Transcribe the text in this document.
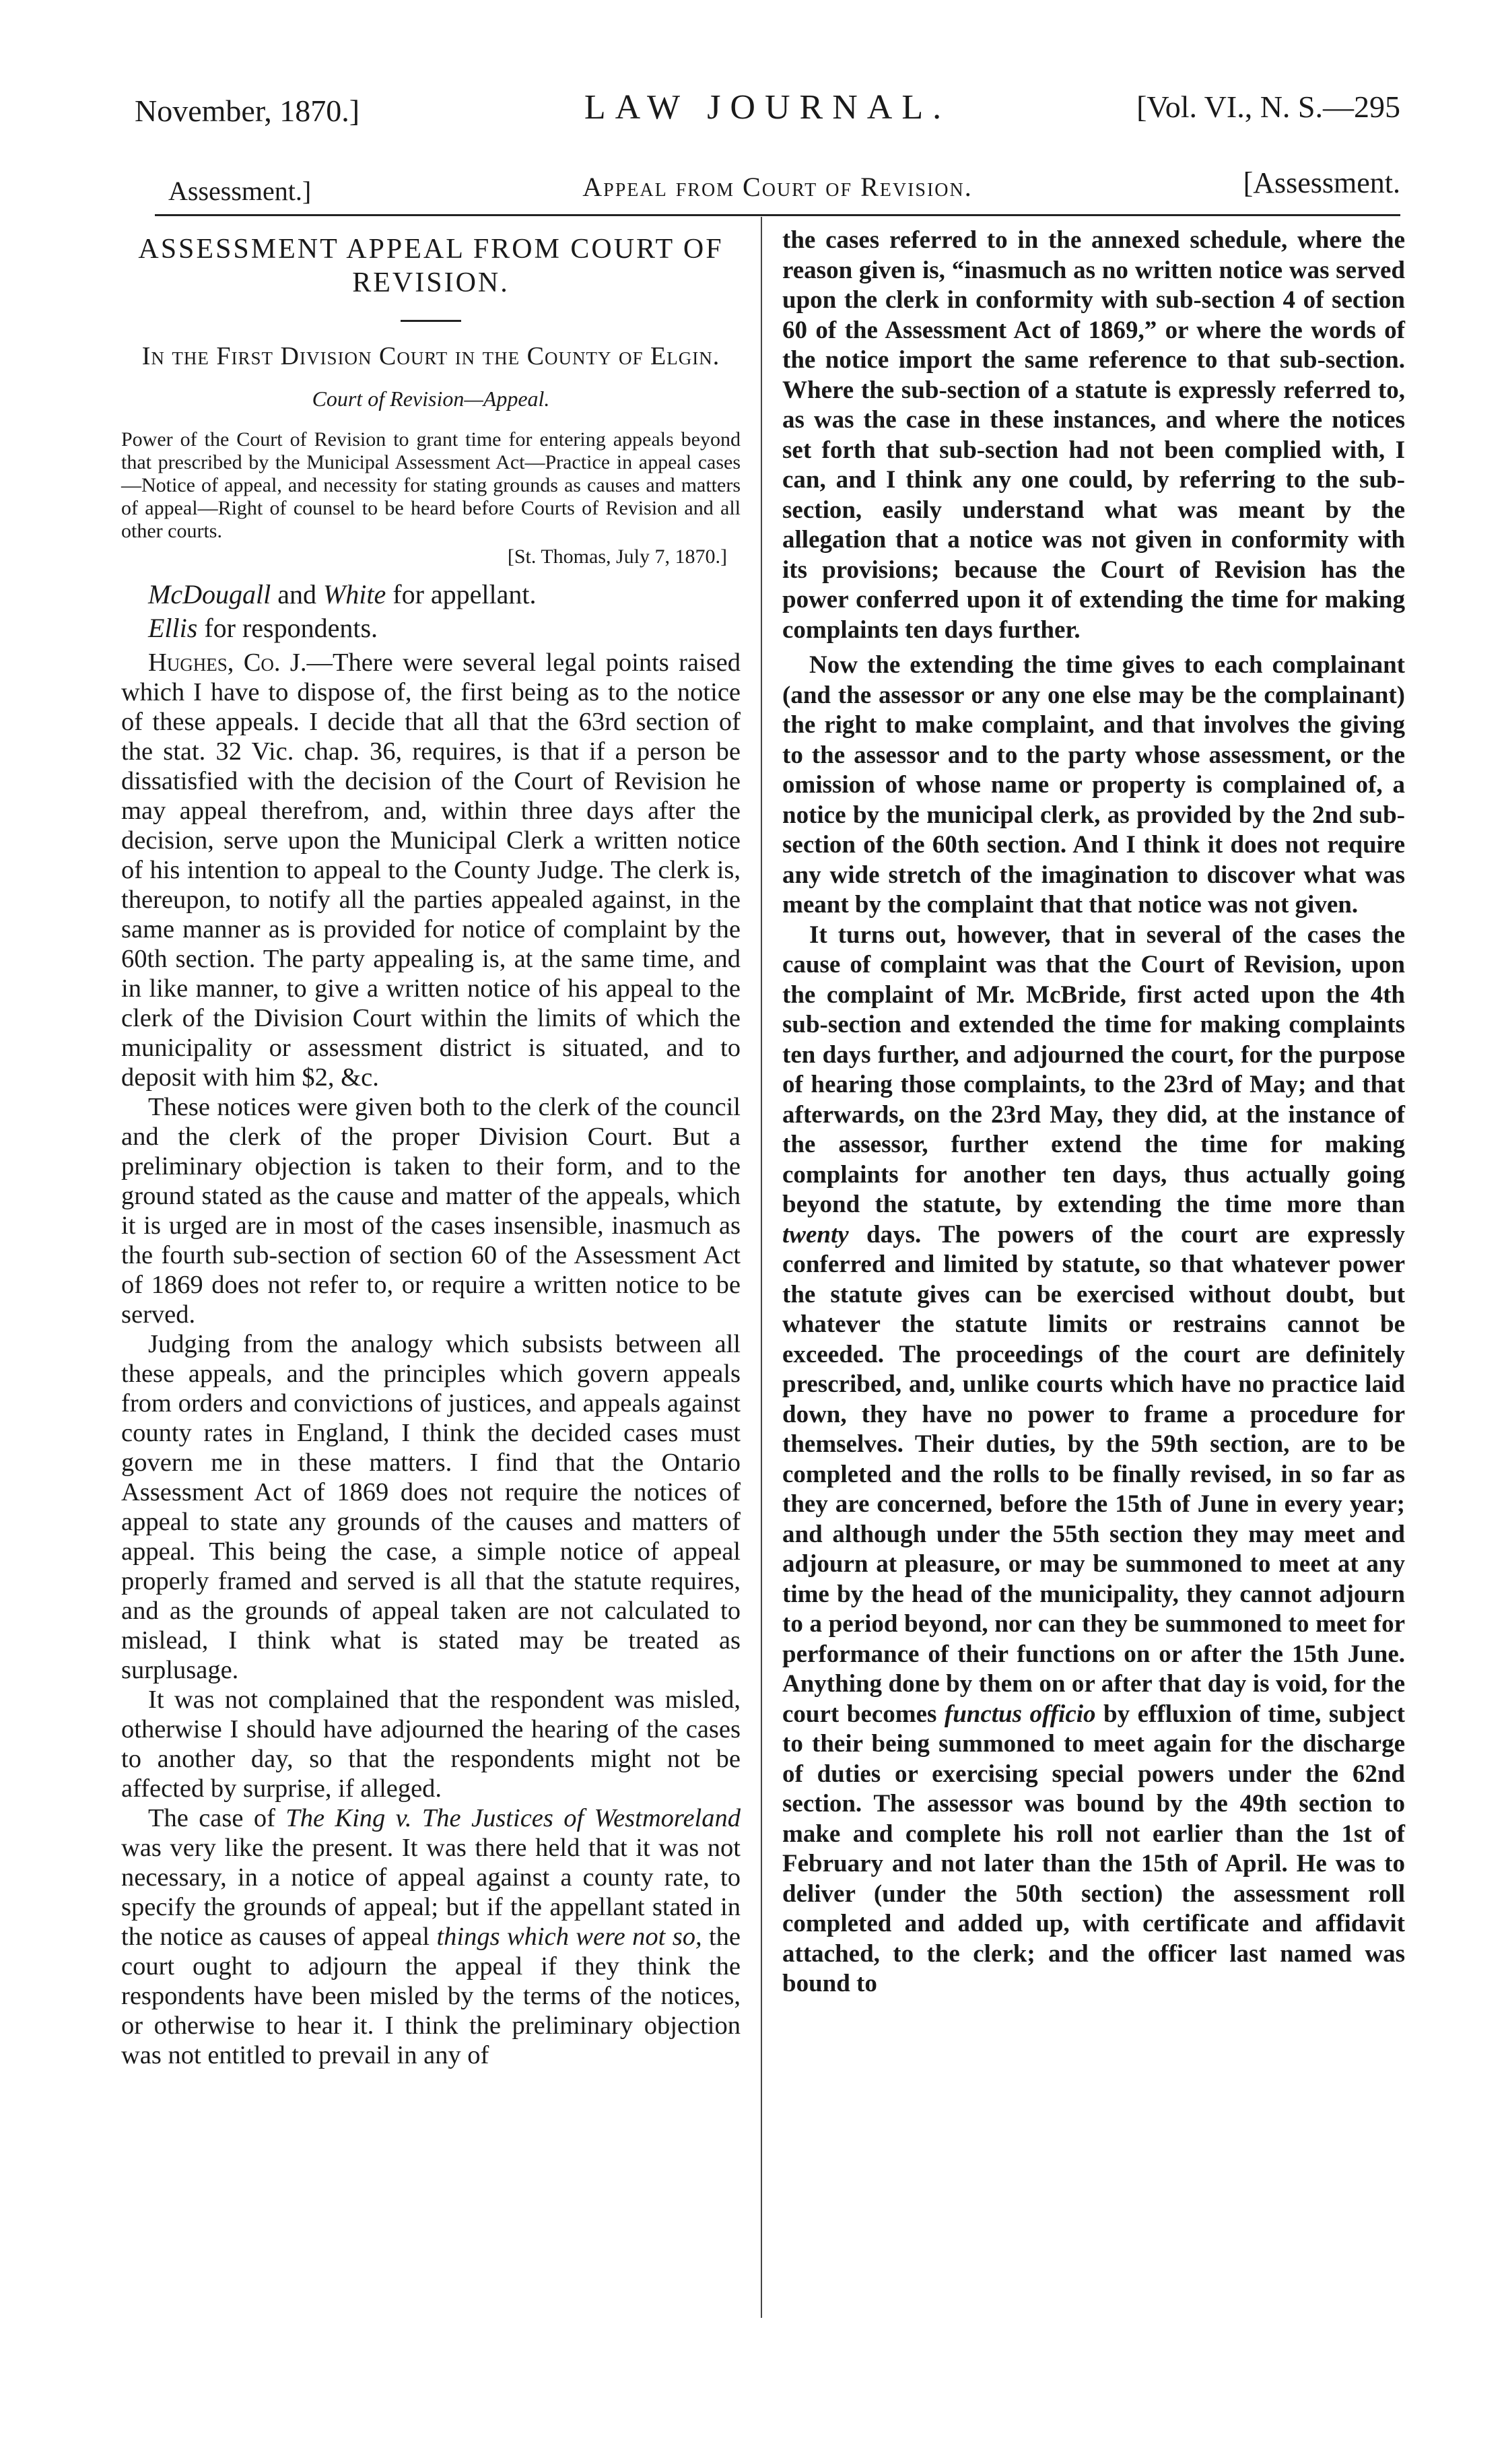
November, 1870.]	LAW JOURNAL.	[Vol. VI., N. S.—295
Assessment.]	Appeal from Court of Revision.	[Assessment.

ASSESSMENT APPEAL FROM COURT OF REVISION.

In the First Division Court in the County of Elgin.

Court of Revision—Appeal.

Power of the Court of Revision to grant time for entering appeals beyond that prescribed by the Municipal Assessment Act—Practice in appeal cases—Notice of appeal, and necessity for stating grounds as causes and matters of appeal—Right of counsel to be heard before Courts of Revision and all other courts.

[St. Thomas, July 7, 1870.]

McDougall and White for appellant.

Ellis for respondents.

Hughes, Co. J.—There were several legal points raised which I have to dispose of, the first being as to the notice of these appeals. I decide that all that the 63rd section of the stat. 32 Vic. chap. 36, requires, is that if a person be dissatisfied with the decision of the Court of Revision he may appeal therefrom, and, within three days after the decision, serve upon the Municipal Clerk a written notice of his intention to appeal to the County Judge. The clerk is, thereupon, to notify all the parties appealed against, in the same manner as is provided for notice of complaint by the 60th section. The party appealing is, at the same time, and in like manner, to give a written notice of his appeal to the clerk of the Division Court within the limits of which the municipality or assessment district is situated, and to deposit with him $2, &c.

These notices were given both to the clerk of the council and the clerk of the proper Division Court. But a preliminary objection is taken to their form, and to the ground stated as the cause and matter of the appeals, which it is urged are in most of the cases insensible, inasmuch as the fourth sub-section of section 60 of the Assessment Act of 1869 does not refer to, or require a written notice to be served.

Judging from the analogy which subsists between all these appeals, and the principles which govern appeals from orders and convictions of justices, and appeals against county rates in England, I think the decided cases must govern me in these matters. I find that the Ontario Assessment Act of 1869 does not require the notices of appeal to state any grounds of the causes and matters of appeal. This being the case, a simple notice of appeal properly framed and served is all that the statute requires, and as the grounds of appeal taken are not calculated to mislead, I think what is stated may be treated as surplusage.

It was not complained that the respondent was misled, otherwise I should have adjourned the hearing of the cases to another day, so that the respondents might not be affected by surprise, if alleged.

The case of The King v. The Justices of Westmoreland was very like the present. It was there held that it was not necessary, in a notice of appeal against a county rate, to specify the grounds of appeal; but if the appellant stated in the notice as causes of appeal things which were not so, the court ought to adjourn the appeal if they think the respondents have been misled by the terms of the notices, or otherwise to hear it. I think the preliminary objection was not entitled to prevail in any of

the cases referred to in the annexed schedule, where the reason given is, “inasmuch as no written notice was served upon the clerk in conformity with sub-section 4 of section 60 of the Assessment Act of 1869,” or where the words of the notice import the same reference to that sub-section. Where the sub-section of a statute is expressly referred to, as was the case in these instances, and where the notices set forth that sub-section had not been complied with, I can, and I think any one could, by referring to the sub-section, easily understand what was meant by the allegation that a notice was not given in conformity with its provisions; because the Court of Revision has the power conferred upon it of extending the time for making complaints ten days further.

Now the extending the time gives to each complainant (and the assessor or any one else may be the complainant) the right to make complaint, and that involves the giving to the assessor and to the party whose assessment, or the omission of whose name or property is complained of, a notice by the municipal clerk, as provided by the 2nd sub-section of the 60th section. And I think it does not require any wide stretch of the imagination to discover what was meant by the complaint that that notice was not given.

It turns out, however, that in several of the cases the cause of complaint was that the Court of Revision, upon the complaint of Mr. McBride, first acted upon the 4th sub-section and extended the time for making complaints ten days further, and adjourned the court, for the purpose of hearing those complaints, to the 23rd of May; and that afterwards, on the 23rd May, they did, at the instance of the assessor, further extend the time for making complaints for another ten days, thus actually going beyond the statute, by extending the time more than twenty days. The powers of the court are expressly conferred and limited by statute, so that whatever power the statute gives can be exercised without doubt, but whatever the statute limits or restrains cannot be exceeded. The proceedings of the court are definitely prescribed, and, unlike courts which have no practice laid down, they have no power to frame a procedure for themselves. Their duties, by the 59th section, are to be completed and the rolls to be finally revised, in so far as they are concerned, before the 15th of June in every year; and although under the 55th section they may meet and adjourn at pleasure, or may be summoned to meet at any time by the head of the municipality, they cannot adjourn to a period beyond, nor can they be summoned to meet for performance of their functions on or after the 15th June. Anything done by them on or after that day is void, for the court becomes functus officio by effluxion of time, subject to their being summoned to meet again for the discharge of duties or exercising special powers under the 62nd section. The assessor was bound by the 49th section to make and complete his roll not earlier than the 1st of February and not later than the 15th of April. He was to deliver (under the 50th section) the assessment roll completed and added up, with certificate and affidavit attached, to the clerk; and the officer last named was bound to
